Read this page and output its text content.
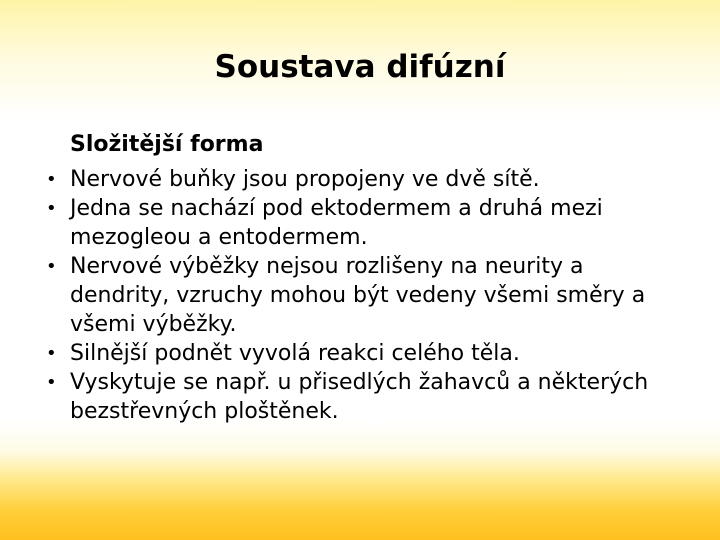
Soustava difúzní
Složitější forma
• Nervové buňky jsou propojeny ve dvě sítě.
• Jedna se nachází pod ektodermem a druhá mezi mezogleou a entodermem.
• Nervové výběžky nejsou rozlišeny na neurity a dendrity, vzruchy mohou být vedeny všemi směry a všemi výběžky.
• Silnější podnět vyvolá reakci celého těla.
• Vyskytuje se např. u přisedlých žahavců a některých bezstřevných ploštěnek.
